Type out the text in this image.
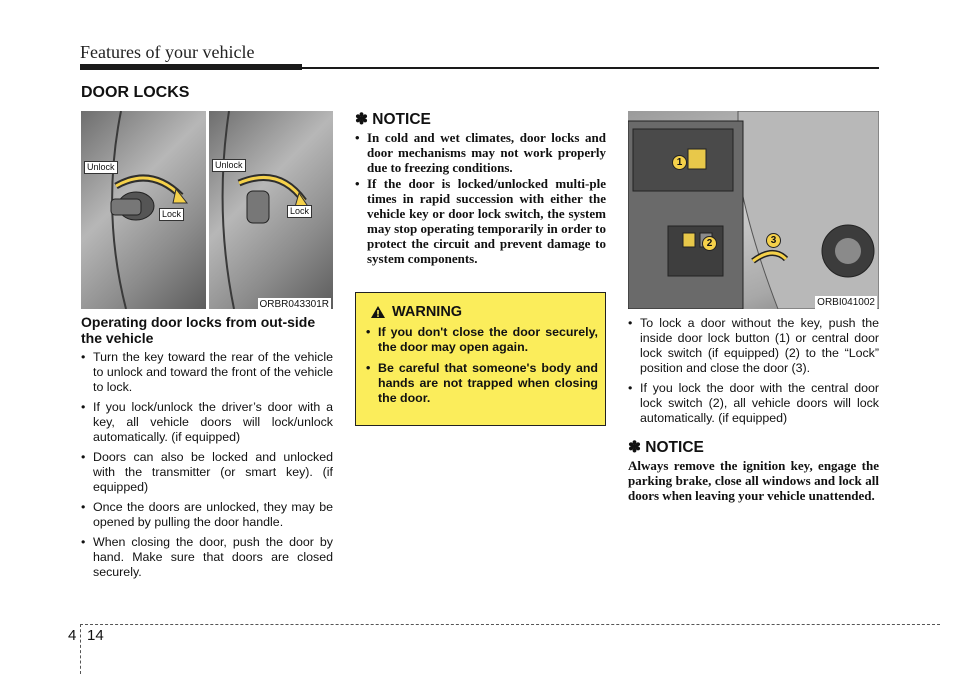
Features of your vehicle
DOOR LOCKS
Unlock
Lock
Unlock
Lock
ORBR043301R
Operating door locks from out-side the vehicle
• Turn the key toward the rear of the vehicle to unlock and toward the front of the vehicle to lock.
• If you lock/unlock the driver’s door with a key, all vehicle doors will lock/unlock automatically. (if equipped)
• Doors can also be locked and unlocked with the transmitter (or smart key). (if equipped)
• Once the doors are unlocked, they may be opened by pulling the door handle.
• When closing the door, push the door by hand. Make sure that doors are closed securely.
✽ NOTICE
• In cold and wet climates, door locks and door mechanisms may not work properly due to freezing conditions.
• If the door is locked/unlocked multi-ple times in rapid succession with either the vehicle key or door lock switch, the system may stop operating temporarily in order to protect the circuit and prevent damage to system components.
WARNING
• If you don't close the door securely, the door may open again.
• Be careful that someone's body and hands are not trapped when closing the door.
1
2	3
ORBI041002
• To lock a door without the key, push the inside door lock button (1) or central door lock switch (if equipped) (2) to the “Lock” position and close the door (3).
• If you lock the door with the central door lock switch (2), all vehicle doors will lock automatically. (if equipped)
✽ NOTICE
Always remove the ignition key, engage the parking brake, close all windows and lock all doors when leaving your vehicle unattended.
4 14
